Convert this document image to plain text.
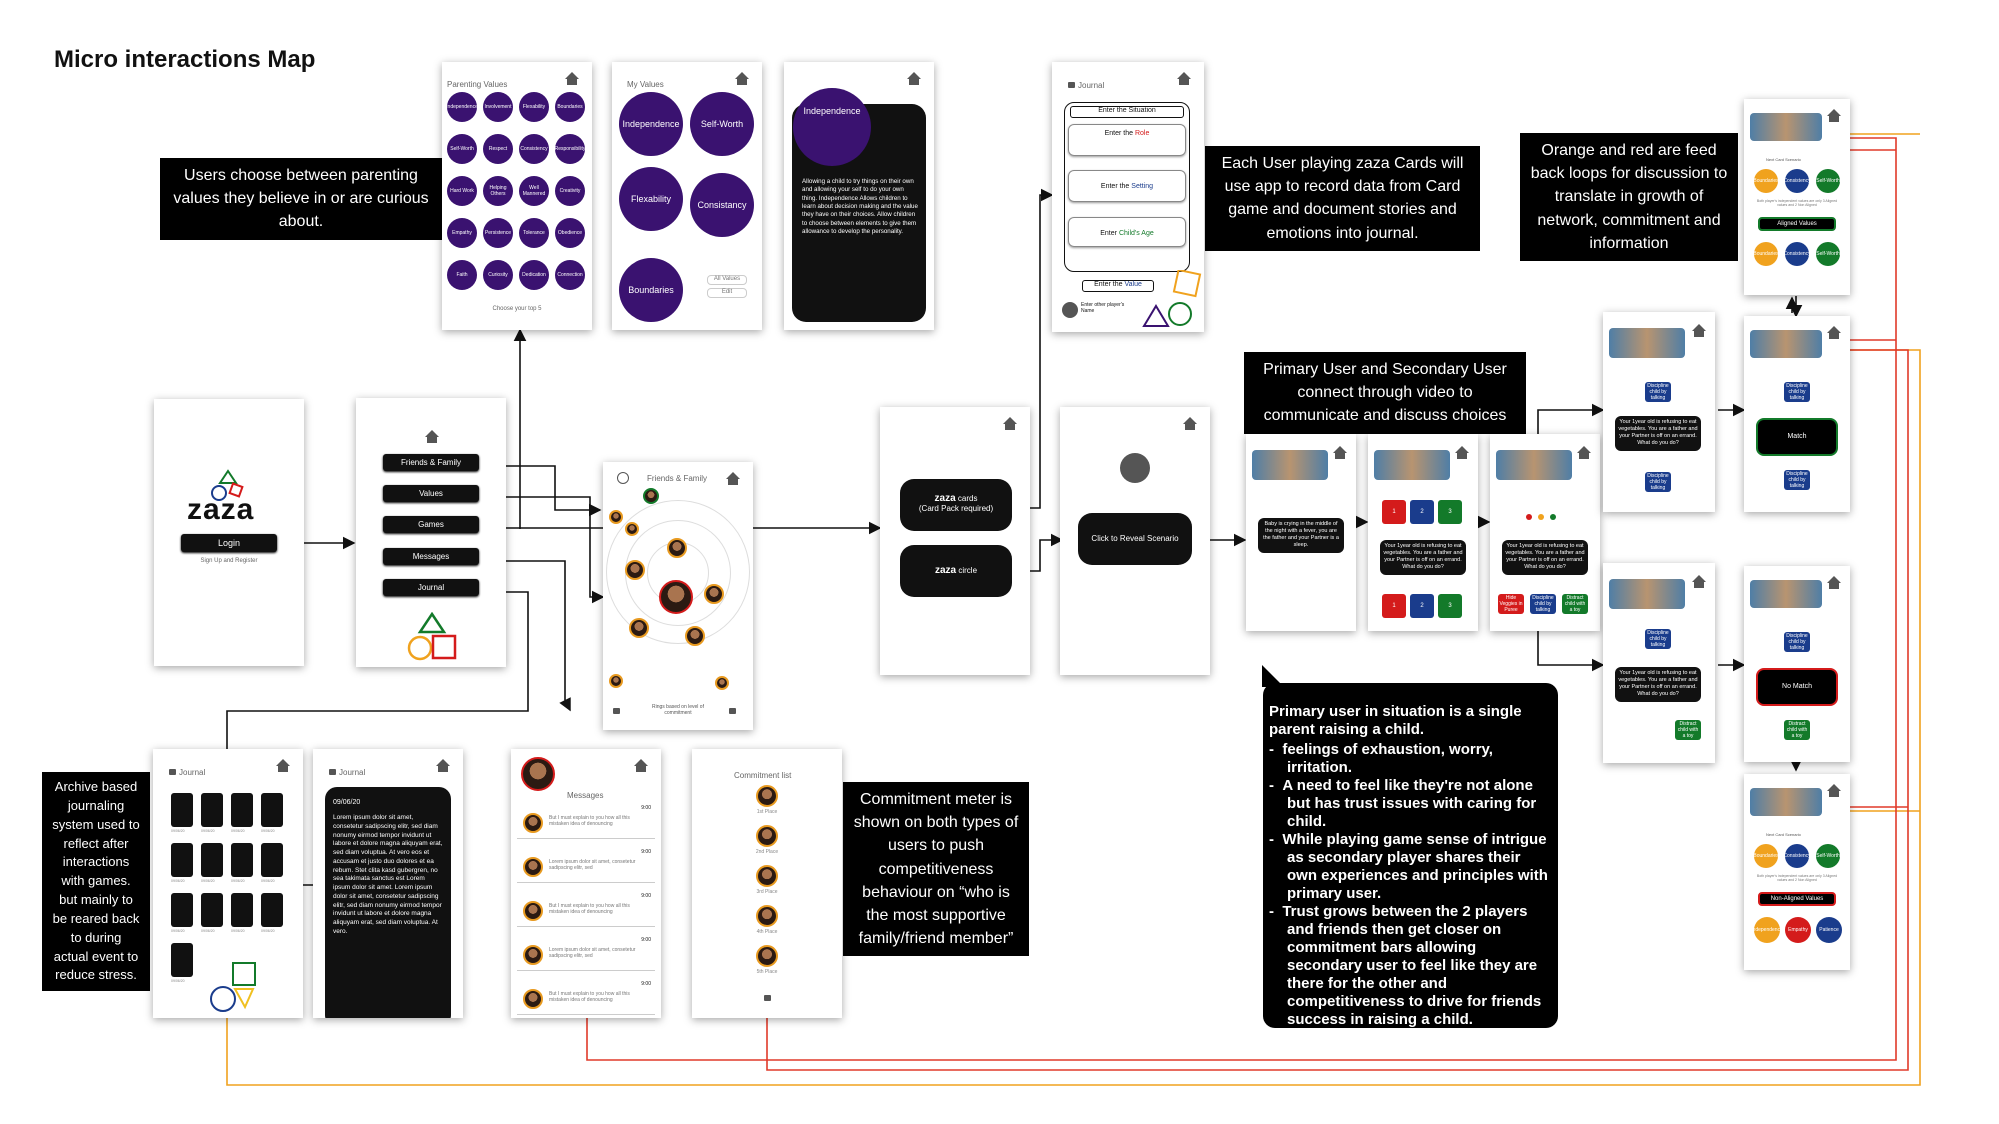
Micro interactions Map
Users choose between parenting values they believe in or are curious about.
Each User playing zaza Cards will use app to record data from Card game and document stories and emotions into journal.
Primary User and Secondary User connect through video to communicate and discuss choices
Orange and red are feed back loops for discussion to translate in growth of network, commitment and information
Archive based journaling system used to reflect after interactions with games. but mainly to be reared back to during actual event to reduce stress.
Commitment meter is shown on both types of users to push competitiveness behaviour on “who is the most supportive family/friend member”
Primary user in situation is a single parent raising a child.
-  feelings of exhaustion, worry, irritation.
-  A need to feel like they're not alone but has trust issues with caring for child.
-  While playing game sense of intrigue as secondary player shares their own experiences and principles with primary user.
-  Trust grows between the 2 players and friends then get closer on commitment bars allowing secondary user to feel like they are there for the other and competitiveness to drive for friends success in raising a child.
zaza
Login
Sign Up and Register
Friends & Family
Values
Games
Messages
Journal
Parenting Values
Choose your top 5
Independence	Involvement	Flexability	Boundaries
Self-Worth	Respect	Consistency Responsibility
Hard Work	Helping Others
Well Mannered	Creativity
Empathy	Persistence	Tolerance	Obedience
Faith	Curiosity	Dedication	Connection
My Values
Independence	Self-Worth
Flexability
Consistancy
Boundaries
All Values
Edit
Independence
Allowing a child to try things on their own and allowing your self to do your own thing. Independence Allows children to learn about decision making and the value they have on their choices. Allow children to choose between elements to give them allowance to develop the personality.
Journal
Enter the Situation
Enter the Role
Enter the Setting
Enter Child's Age
Enter the Value
Enter other player's Name
Friends & Family
Rings based on level of commitment
zaza cards
(Card Pack required)
zaza circle
Click to Reveal Scenario
Baby is crying in the middle of the night with a fever, you are the father and your Partner is a sleep.
1	2	3
Your 1year old is refusing to eat vegetables. You are a father and your Partner is off on an errand. What do you do?
1	2	3
Your 1year old is refusing to eat vegetables. You are a father and your Partner is off on an errand. What do you do?
Hide Veggies in Puree
Discipline child by talking
Distract child with a toy
Discipline child by talking
Your 1year old is refusing to eat vegetables. You are a father and your Partner is off on an errand. What do you do?
Discipline child by talking
Discipline child by talking
Your 1year old is refusing to eat vegetables. You are a father and your Partner is off on an errand. What do you do?
Distract child with a toy
Discipline child by talking
Match
Discipline child by talking
Discipline child by talking
No Match
Distract child with a toy
Next Card Scenario
Boundaries Consistency Self-Worth
Both player's independent values are only 3 Aligned values and 2 Non Aligned
Aligned Values
Boundaries Consistency Self-Worth
Next Card Scenario
Boundaries Consistency Self-Worth
Both player's independent values are only 3 Aligned values and 2 Non Aligned
Non-Aligned Values
Independence	Empathy	Patience
Journal
09/06/20	09/06/20	09/06/20	09/06/20
09/06/20	09/06/20	09/06/20	09/06/20
09/06/20	09/06/20	09/06/20	09/06/20
09/06/20
Journal
09/06/20
Lorem ipsum dolor sit amet, consetetur sadipscing elitr, sed diam nonumy eirmod tempor invidunt ut labore et dolore magna aliquyam erat, sed diam voluptua. At vero eos et accusam et justo duo dolores et ea rebum. Stet clita kasd gubergren, no sea takimata sanctus est Lorem ipsum dolor sit amet. Lorem ipsum dolor sit amet, consetetur sadipscing elitr, sed diam nonumy eirmod tempor invidunt ut labore et dolore magna aliquyam erat, sed diam voluptua. At vero.
Messages
9:00
But I must explain to you how all this mistaken idea of denouncing
9:00
Lorem ipsum dolor sit amet, consetetur sadipscing elitr, sed
9:00
But I must explain to you how all this mistaken idea of denouncing
9:00
Lorem ipsum dolor sit amet, consetetur sadipscing elitr, sed
9:00
But I must explain to you how all this mistaken idea of denouncing
Commitment list
1st Place
2nd Place
3rd Place
4th Place
5th Place
